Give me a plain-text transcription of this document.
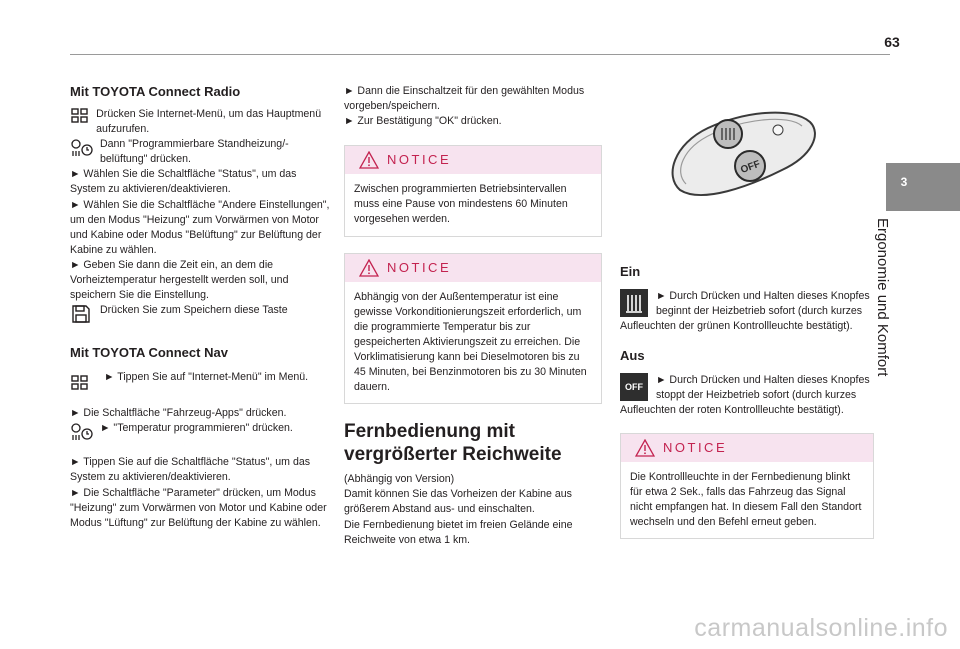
63
3
Ergonomie und Komfort
Mit TOYOTA Connect Radio

Drücken Sie Internet-Menü, um das Hauptmenü aufzurufen.

Dann "Programmierbare Standheizung/-belüftung" drücken.

► Wählen Sie die Schaltfläche "Status", um das System zu aktivieren/deaktivieren.

► Wählen Sie die Schaltfläche "Andere Einstellungen", um den Modus "Heizung" zum Vorwärmen von Motor und Kabine oder Modus "Belüftung" zur Belüftung der Kabine zu wählen.

► Geben Sie dann die Zeit ein, an dem die Vorheiztemperatur hergestellt werden soll, und speichern Sie die Einstellung.

Drücken Sie zum Speichern diese Taste

Mit TOYOTA Connect Nav

► Tippen Sie auf "Internet-Menü" im Menü.

► Die Schaltfläche "Fahrzeug-Apps" drücken.

► "Temperatur programmieren" drücken.

► Tippen Sie auf die Schaltfläche "Status", um das System zu aktivieren/deaktivieren.

► Die Schaltfläche "Parameter" drücken, um Modus "Heizung" zum Vorwärmen von Motor und Kabine oder Modus "Lüftung" zur Belüftung der Kabine zu wählen.

► Dann die Einschaltzeit für den gewählten Modus vorgeben/speichern.

► Zur Bestätigung "OK" drücken.

NOTICE

Zwischen programmierten Betriebsintervallen muss eine Pause von mindestens 60 Minuten vorgesehen werden.

NOTICE

Abhängig von der Außentemperatur ist eine gewisse Vorkonditionierungszeit erforderlich, um die programmierte Temperatur bis zur gespeicherten Aktivierungszeit zu erreichen. Die Vorklimatisierung kann bei Dieselmotoren bis zu 45 Minuten, bei Benzinmotoren bis zu 30 Minuten dauern.

Fernbedienung mit vergrößerter Reichweite

(Abhängig von Version)

Damit können Sie das Vorheizen der Kabine aus größerem Abstand aus- und einschalten.

Die Fernbedienung bietet im freien Gelände eine Reichweite von etwa 1 km.

OFF
Ein

► Durch Drücken und Halten dieses Knopfes beginnt der Heizbetrieb sofort (durch kurzes Aufleuchten der grünen Kontrollleuchte bestätigt).

Aus
OFF

► Durch Drücken und Halten dieses Knopfes stoppt der Heizbetrieb sofort (durch kurzes Aufleuchten der roten Kontrollleuchte bestätigt).

NOTICE

Die Kontrollleuchte in der Fernbedienung blinkt für etwa 2 Sek., falls das Fahrzeug das Signal nicht empfangen hat. In diesem Fall den Standort wechseln und den Befehl erneut geben.

carmanualsonline.info
